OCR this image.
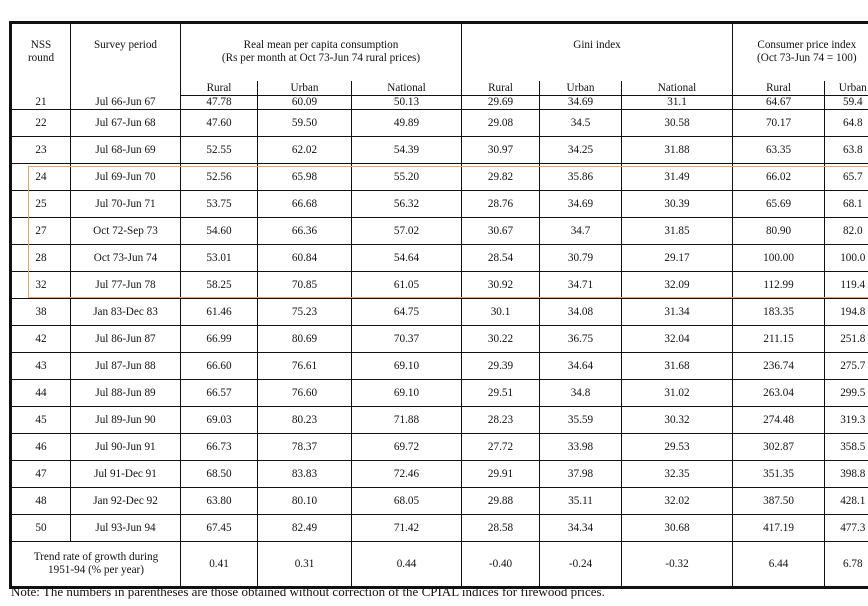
NSS
round	Survey period	Real mean per capita consumption
(Rs per month at Oct 73-Jun 74 rural prices)			Gini index			Consumer price index
(Oct 73-Jun 74 = 100)	
		Rural	Urban	National	Rural	Urban	National	Rural	Urban
21	Jul 66-Jun 67	47.78	60.09	50.13	29.69	34.69	31.1	64.67	59.4
22	Jul 67-Jun 68	47.60	59.50	49.89	29.08	34.5	30.58	70.17	64.8
23	Jul 68-Jun 69	52.55	62.02	54.39	30.97	34.25	31.88	63.35	63.8
24	Jul 69-Jun 70	52.56	65.98	55.20	29.82	35.86	31.49	66.02	65.7
25	Jul 70-Jun 71	53.75	66.68	56.32	28.76	34.69	30.39	65.69	68.1
27	Oct 72-Sep 73	54.60	66.36	57.02	30.67	34.7	31.85	80.90	82.0
28	Oct 73-Jun 74	53.01	60.84	54.64	28.54	30.79	29.17	100.00	100.0
32	Jul 77-Jun 78	58.25	70.85	61.05	30.92	34.71	32.09	112.99	119.4
38	Jan 83-Dec 83	61.46	75.23	64.75	30.1	34.08	31.34	183.35	194.8
42	Jul 86-Jun 87	66.99	80.69	70.37	30.22	36.75	32.04	211.15	251.8
43	Jul 87-Jun 88	66.60	76.61	69.10	29.39	34.64	31.68	236.74	275.7
44	Jul 88-Jun 89	66.57	76.60	69.10	29.51	34.8	31.02	263.04	299.5
45	Jul 89-Jun 90	69.03	80.23	71.88	28.23	35.59	30.32	274.48	319.3
46	Jul 90-Jun 91	66.73	78.37	69.72	27.72	33.98	29.53	302.87	358.5
47	Jul 91-Dec 91	68.50	83.83	72.46	29.91	37.98	32.35	351.35	398.8
48	Jan 92-Dec 92	63.80	80.10	68.05	29.88	35.11	32.02	387.50	428.1
50	Jul 93-Jun 94	67.45	82.49	71.42	28.58	34.34	30.68	417.19	477.3
Trend rate of growth during
1951-94 (% per year)		0.41	0.31	0.44	-0.40	-0.24	-0.32	6.44	6.78
Note: The numbers in parentheses are those obtained without correction of the CPIAL indices for firewood prices.
